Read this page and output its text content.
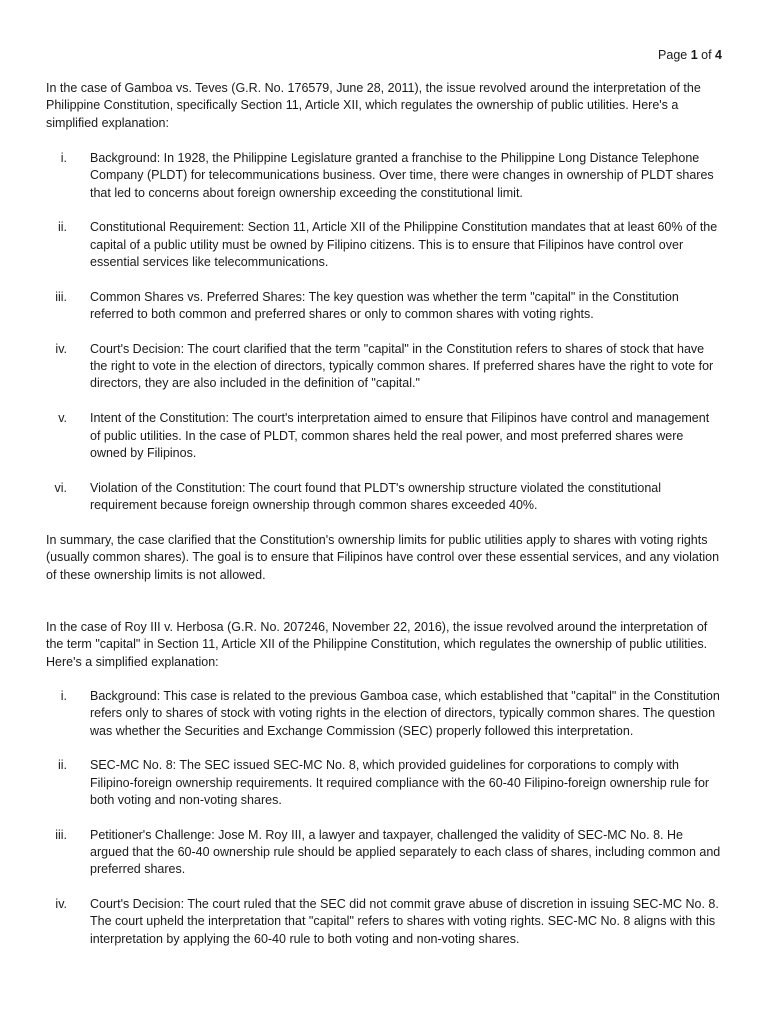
Page 1 of 4

In the case of Gamboa vs. Teves (G.R. No. 176579, June 28, 2011), the issue revolved around the interpretation of the Philippine Constitution, specifically Section 11, Article XII, which regulates the ownership of public utilities. Here's a simplified explanation:

i.	Background: In 1928, the Philippine Legislature granted a franchise to the Philippine Long Distance Telephone Company (PLDT) for telecommunications business. Over time, there were changes in ownership of PLDT shares that led to concerns about foreign ownership exceeding the constitutional limit.
ii.	Constitutional Requirement: Section 11, Article XII of the Philippine Constitution mandates that at least 60% of the capital of a public utility must be owned by Filipino citizens. This is to ensure that Filipinos have control over essential services like telecommunications.
iii.	Common Shares vs. Preferred Shares: The key question was whether the term "capital" in the Constitution referred to both common and preferred shares or only to common shares with voting rights.
iv.	Court's Decision: The court clarified that the term "capital" in the Constitution refers to shares of stock that have the right to vote in the election of directors, typically common shares. If preferred shares have the right to vote for directors, they are also included in the definition of "capital."
v.	Intent of the Constitution: The court's interpretation aimed to ensure that Filipinos have control and management of public utilities. In the case of PLDT, common shares held the real power, and most preferred shares were owned by Filipinos.
vi.	Violation of the Constitution: The court found that PLDT's ownership structure violated the constitutional requirement because foreign ownership through common shares exceeded 40%.

In summary, the case clarified that the Constitution's ownership limits for public utilities apply to shares with voting rights (usually common shares). The goal is to ensure that Filipinos have control over these essential services, and any violation of these ownership limits is not allowed.

In the case of Roy III v. Herbosa (G.R. No. 207246, November 22, 2016), the issue revolved around the interpretation of the term "capital" in Section 11, Article XII of the Philippine Constitution, which regulates the ownership of public utilities. Here's a simplified explanation:

i.	Background: This case is related to the previous Gamboa case, which established that "capital" in the Constitution refers only to shares of stock with voting rights in the election of directors, typically common shares. The question was whether the Securities and Exchange Commission (SEC) properly followed this interpretation.
ii.	SEC-MC No. 8: The SEC issued SEC-MC No. 8, which provided guidelines for corporations to comply with Filipino-foreign ownership requirements. It required compliance with the 60-40 Filipino-foreign ownership rule for both voting and non-voting shares.
iii.	Petitioner's Challenge: Jose M. Roy III, a lawyer and taxpayer, challenged the validity of SEC-MC No. 8. He argued that the 60-40 ownership rule should be applied separately to each class of shares, including common and preferred shares.
iv.	Court's Decision: The court ruled that the SEC did not commit grave abuse of discretion in issuing SEC-MC No. 8. The court upheld the interpretation that "capital" refers to shares with voting rights. SEC-MC No. 8 aligns with this interpretation by applying the 60-40 rule to both voting and non-voting shares.
